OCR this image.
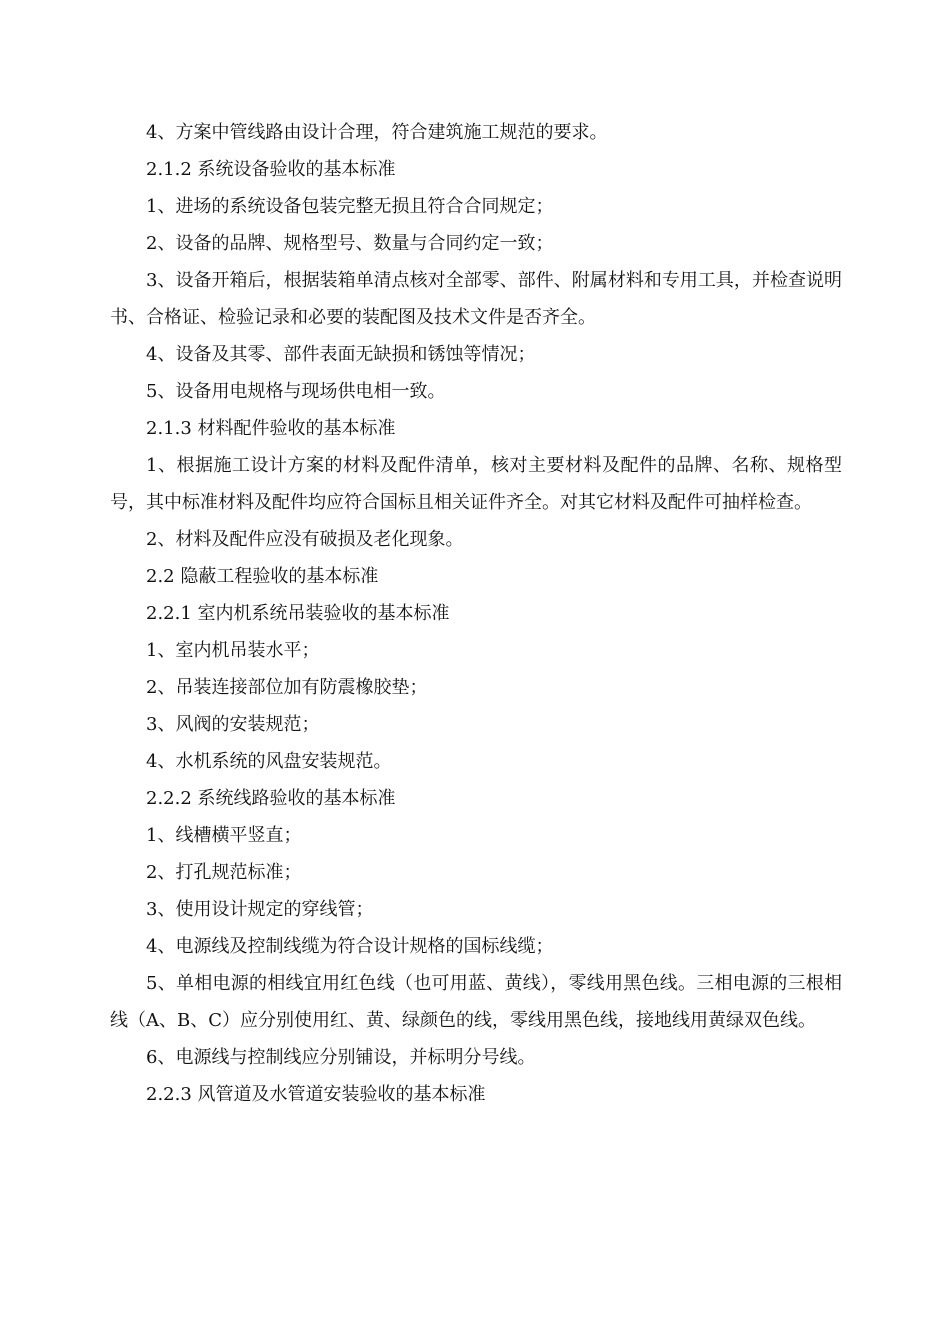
4、方案中管线路由设计合理，符合建筑施工规范的要求。

2.1.2 系统设备验收的基本标准

1、进场的系统设备包装完整无损且符合合同规定；

2、设备的品牌、规格型号、数量与合同约定一致；

3、设备开箱后，根据装箱单清点核对全部零、部件、附属材料和专用工具，并检查说明书、合格证、检验记录和必要的装配图及技术文件是否齐全。

4、设备及其零、部件表面无缺损和锈蚀等情况；

5、设备用电规格与现场供电相一致。

2.1.3 材料配件验收的基本标准

1、根据施工设计方案的材料及配件清单，核对主要材料及配件的品牌、名称、规格型号，其中标准材料及配件均应符合国标且相关证件齐全。对其它材料及配件可抽样检查。

2、材料及配件应没有破损及老化现象。

2.2 隐蔽工程验收的基本标准

2.2.1 室内机系统吊装验收的基本标准

1、室内机吊装水平；

2、吊装连接部位加有防震橡胶垫；

3、风阀的安装规范；

4、水机系统的风盘安装规范。

2.2.2 系统线路验收的基本标准

1、线槽横平竖直；

2、打孔规范标准；

3、使用设计规定的穿线管；

4、电源线及控制线缆为符合设计规格的国标线缆；

5、单相电源的相线宜用红色线（也可用蓝、黄线），零线用黑色线。三相电源的三根相线（A、B、C）应分别使用红、黄、绿颜色的线，零线用黑色线，接地线用黄绿双色线。

6、电源线与控制线应分别铺设，并标明分号线。

2.2.3 风管道及水管道安装验收的基本标准
